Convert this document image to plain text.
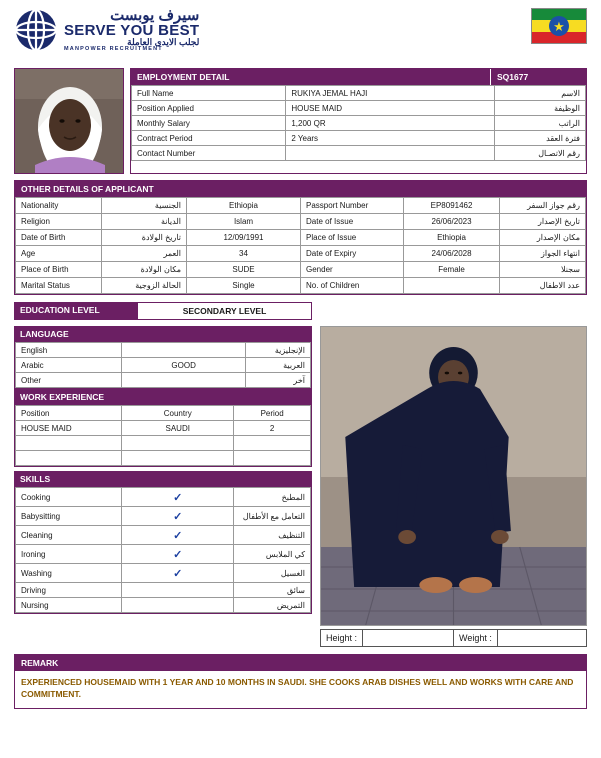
سيرف يوبست
SERVE YOU BEST
لجلب الايدى العاملة
MANPOWER RECRUITMENT
★
EMPLOYMENT DETAIL	SQ1677
Full Name	RUKIYA JEMAL HAJI	الاسم
Position Applied	HOUSE MAID	الوظيفة
Monthly Salary	1,200 QR	الراتب
Contract Period	2 Years	فترة العقد
Contact Number		رقم الاتصـال
OTHER DETAILS OF APPLICANT
Nationality	الجنسية	Ethiopia	Passport Number	EP8091462	رقم جواز السفر
Religion	الديانة	Islam	Date of Issue	26/06/2023	تاريخ الإصدار
Date of Birth	تاريخ الولادة	12/09/1991	Place of Issue	Ethiopia	مكان الإصدار
Age	العمر	34	Date of Expiry	24/06/2028	انتهاء الجواز
Place of Birth	مكان الولادة	SUDE	Gender	Female	سجنلا
Marital Status	الحالة الزوجية	Single	No. of Children		عدد الاطفال
EDUCATION LEVEL	SECONDARY LEVEL
LANGUAGE
English		الإنجليزية
Arabic	GOOD	العربية
Other		آخر
WORK EXPERIENCE
Position	Country	Period
HOUSE MAID	SAUDI	2

SKILLS
Cooking	✓	المطبخ
Babysitting	✓	التعامل مع الأطفال
Cleaning	✓	التنظيف
Ironing	✓	كي الملابس
Washing	✓	الغسيل
Driving		سائق
Nursing		التمريض
Height :	Weight :
REMARK
EXPERIENCED HOUSEMAID WITH 1 YEAR AND 10 MONTHS IN SAUDI. SHE COOKS ARAB DISHES WELL AND WORKS WITH CARE AND COMMITMENT.
